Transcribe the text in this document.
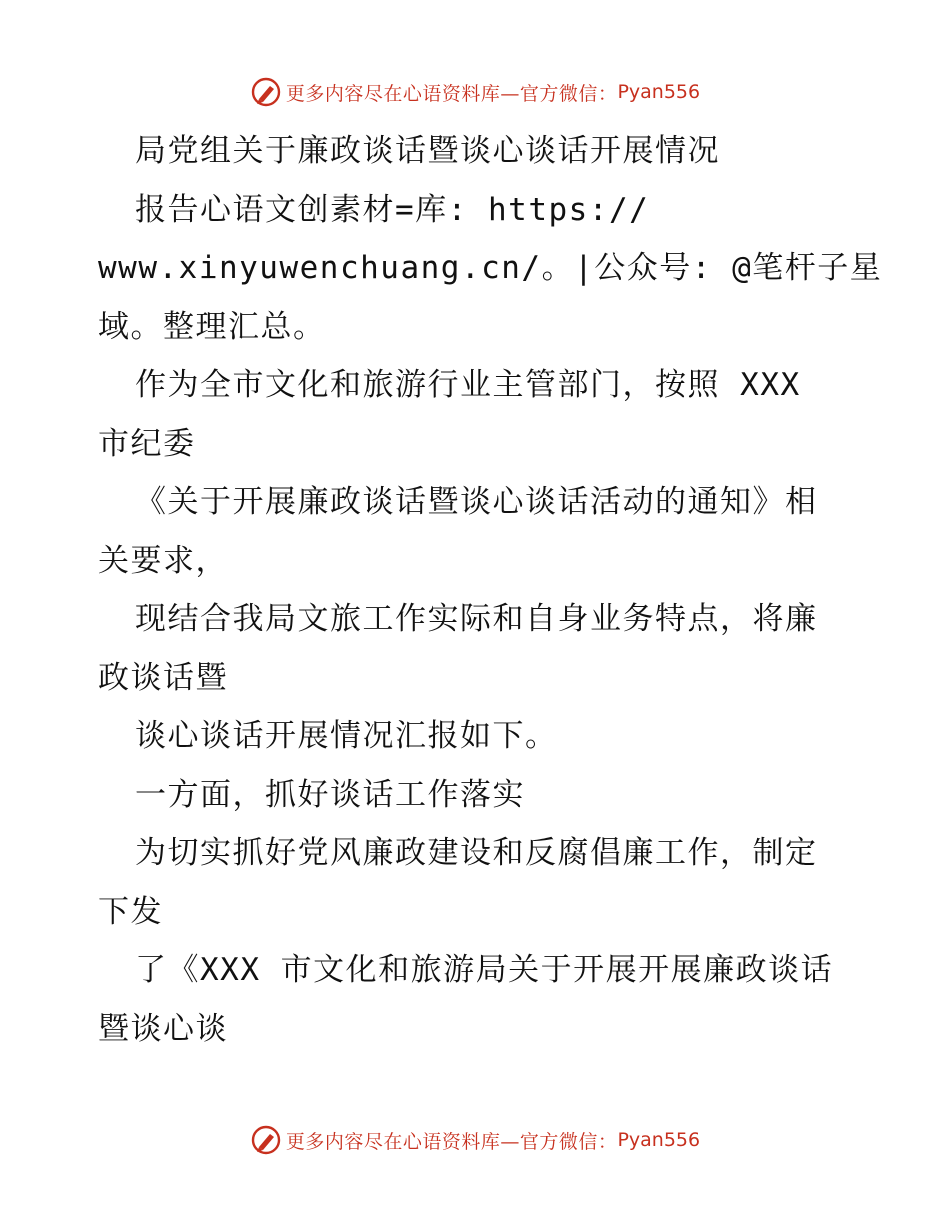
更多内容尽在心语资料库— 官方微信： Pyan556
局党组关于廉政谈话暨谈心谈话开展情况
报告心语文创素材=库: https://
www.xinyuwenchuang.cn/。|公众号: @笔杆子星
域。整理汇总。
作为全市文化和旅游行业主管部门，按照 XXX
市纪委
《关于开展廉政谈话暨谈心谈话活动的通知》相
关要求，
现结合我局文旅工作实际和自身业务特点，将廉
政谈话暨
谈心谈话开展情况汇报如下。
一方面，抓好谈话工作落实
为切实抓好党风廉政建设和反腐倡廉工作，制定
下发
了《XXX 市文化和旅游局关于开展开展廉政谈话
暨谈心谈
更多内容尽在心语资料库— 官方微信： Pyan556
